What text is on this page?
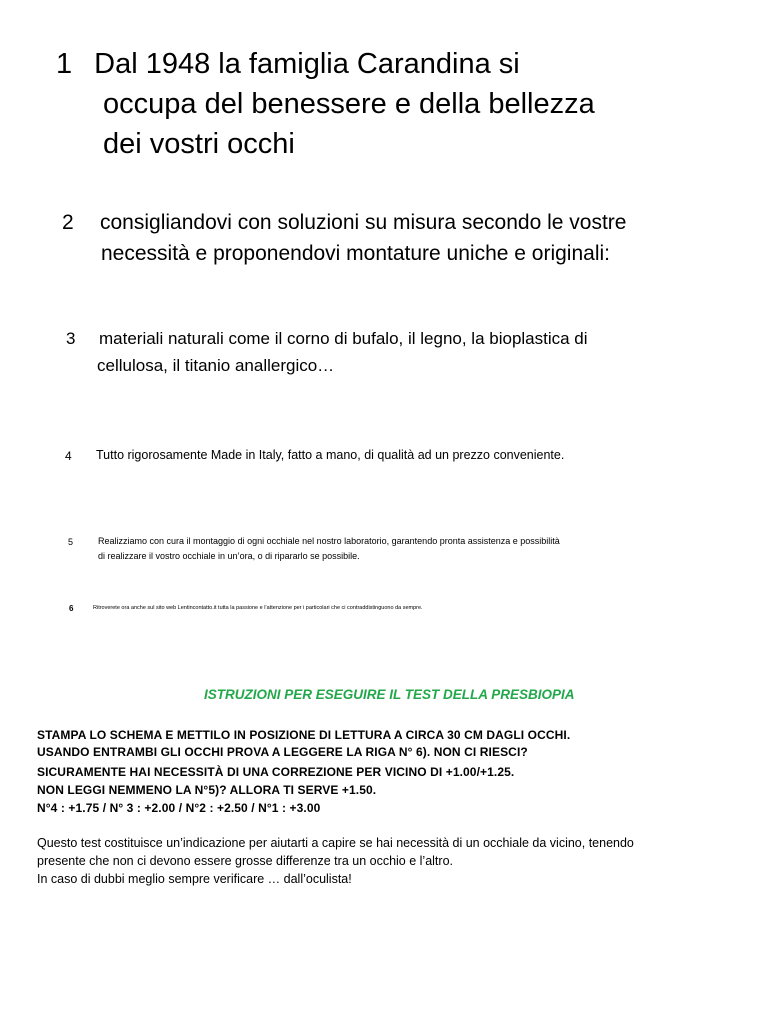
1 Dal 1948 la famiglia Carandina si

occupa del benessere e della bellezza

dei vostri occhi

2 consigliandovi con soluzioni su misura secondo le vostre

necessità e proponendovi montature uniche e originali:

3 materiali naturali come il corno di bufalo, il legno, la bioplastica di

cellulosa, il titanio anallergico…

4 Tutto rigorosamente Made in Italy, fatto a mano, di qualità ad un prezzo conveniente.

5	Realizziamo con cura il montaggio di ogni occhiale nel nostro laboratorio, garantendo pronta assistenza e possibilità

di realizzare il vostro occhiale in un’ora, o di ripararlo se possibile.

6	Ritroverete ora anche sul sito web Lentincontatto.it tutta la passione e l’attenzione per i particolari che ci contraddistinguono da sempre.

ISTRUZIONI PER ESEGUIRE IL TEST DELLA PRESBIOPIA

STAMPA LO SCHEMA E METTILO IN POSIZIONE DI LETTURA A CIRCA 30 CM DAGLI OCCHI.

USANDO ENTRAMBI GLI OCCHI PROVA A LEGGERE LA RIGA N° 6). NON CI RIESCI?

SICURAMENTE HAI NECESSITÀ DI UNA CORREZIONE PER VICINO DI +1.00/+1.25.

NON LEGGI NEMMENO LA N°5)? ALLORA TI SERVE +1.50.

N°4 : +1.75 / N° 3 : +2.00 / N°2 : +2.50 / N°1 : +3.00

Questo test costituisce un’indicazione per aiutarti a capire se hai necessità di un occhiale da vicino, tenendo

presente che non ci devono essere grosse differenze tra un occhio e l’altro.

In caso di dubbi meglio sempre verificare … dall’oculista!
